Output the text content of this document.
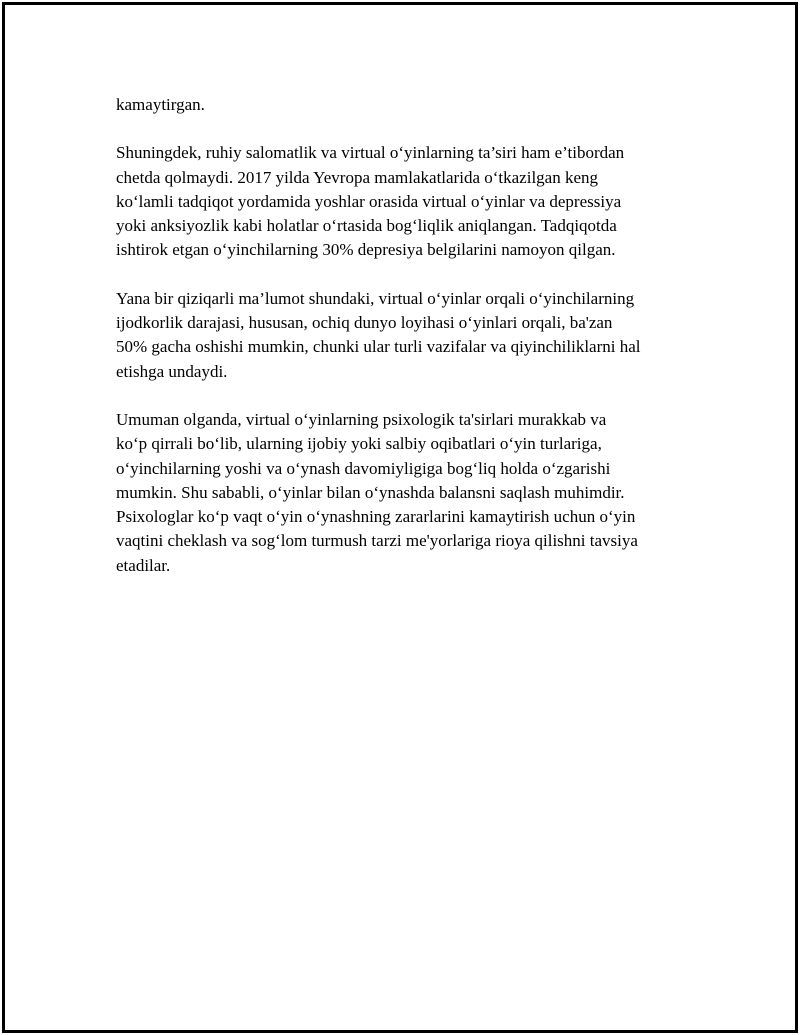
kamaytirgan.

Shuningdek, ruhiy salomatlik va virtual o‘yinlarning ta’siri ham e’tibordan
chetda qolmaydi. 2017 yilda Yevropa mamlakatlarida o‘tkazilgan keng
ko‘lamli tadqiqot yordamida yoshlar orasida virtual o‘yinlar va depressiya
yoki anksiyozlik kabi holatlar o‘rtasida bog‘liqlik aniqlangan. Tadqiqotda
ishtirok etgan o‘yinchilarning 30% depresiya belgilarini namoyon qilgan.

Yana bir qiziqarli ma’lumot shundaki, virtual o‘yinlar orqali o‘yinchilarning
ijodkorlik darajasi, hususan, ochiq dunyo loyihasi o‘yinlari orqali, ba'zan
50% gacha oshishi mumkin, chunki ular turli vazifalar va qiyinchiliklarni hal
etishga undaydi.

Umuman olganda, virtual o‘yinlarning psixologik ta'sirlari murakkab va
ko‘p qirrali bo‘lib, ularning ijobiy yoki salbiy oqibatlari o‘yin turlariga,
o‘yinchilarning yoshi va o‘ynash davomiyligiga bog‘liq holda o‘zgarishi
mumkin. Shu sababli, o‘yinlar bilan o‘ynashda balansni saqlash muhimdir.
Psixologlar ko‘p vaqt o‘yin o‘ynashning zararlarini kamaytirish uchun o‘yin
vaqtini cheklash va sog‘lom turmush tarzi me'yorlariga rioya qilishni tavsiya
etadilar.
